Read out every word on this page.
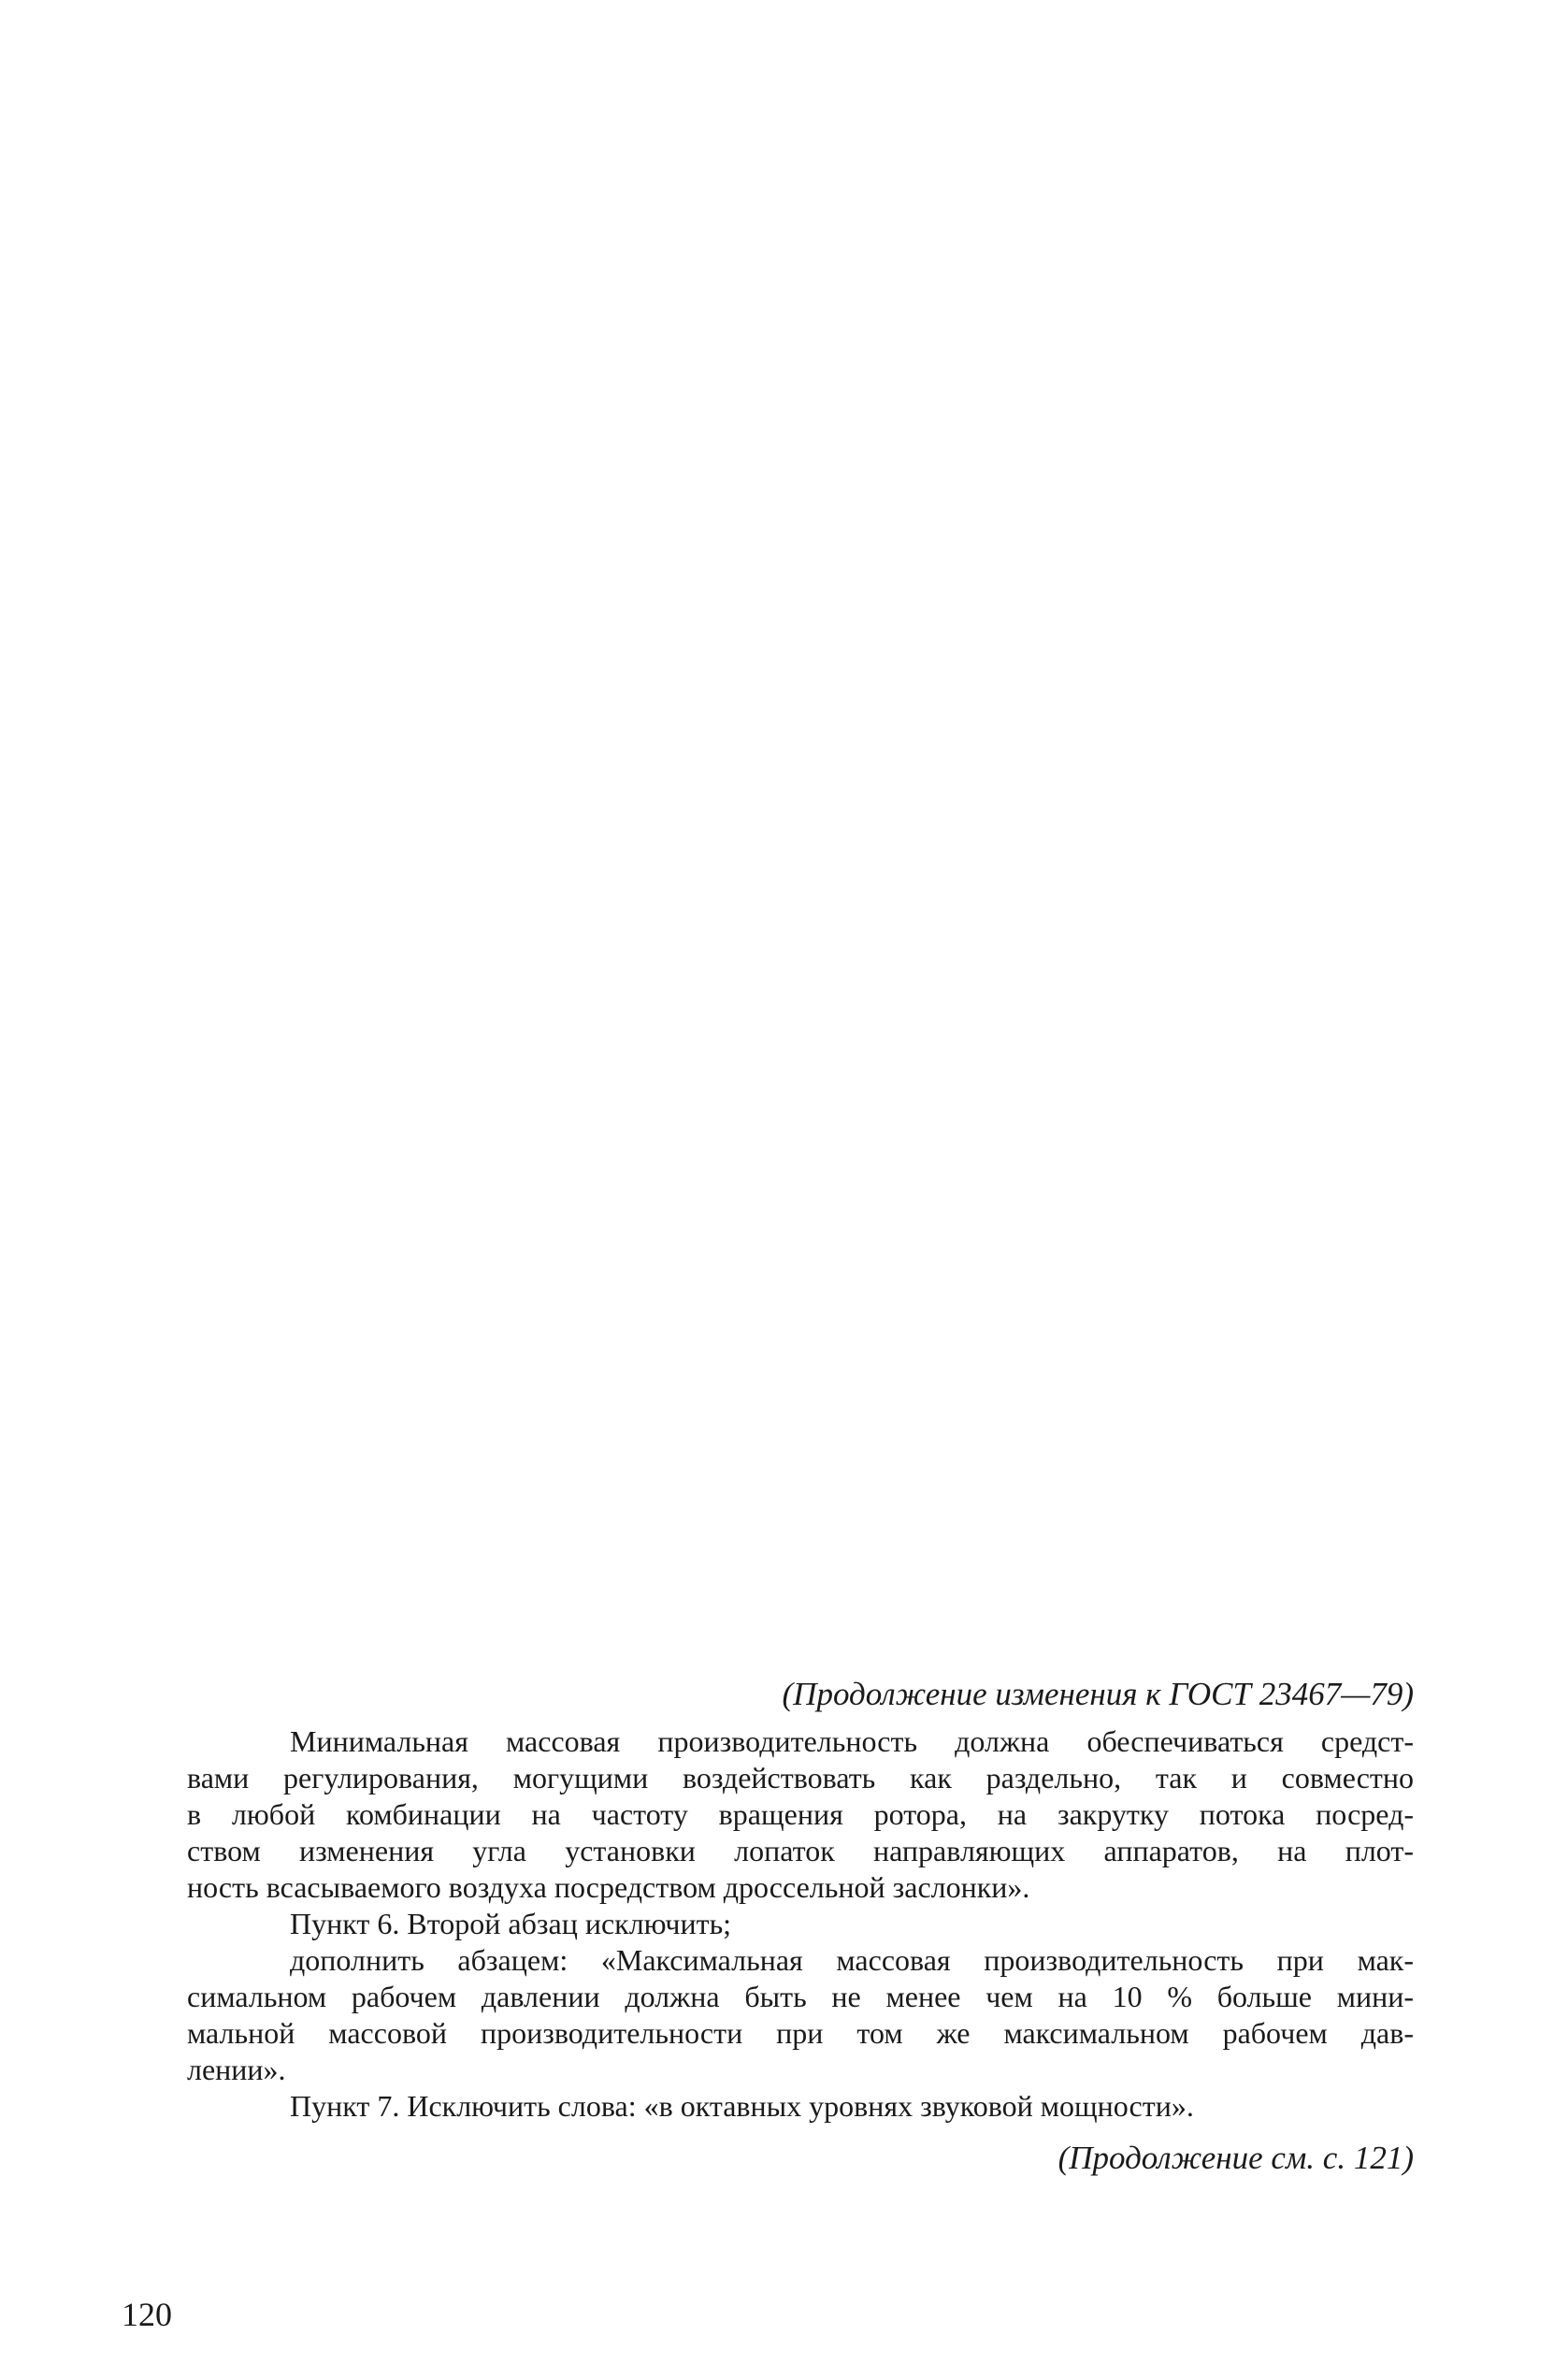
(Продолжение изменения к ГОСТ 23467—79)
Минимальная массовая производительность должна обеспечиваться средст-
вами регулирования, могущими воздействовать как раздельно, так и совместно
в любой комбинации на частоту вращения ротора, на закрутку потока посред-
ством изменения угла установки лопаток направляющих аппаратов, на плот-
ность всасываемого воздуха посредством дроссельной заслонки».
Пункт 6. Второй абзац исключить;
дополнить абзацем: «Максимальная массовая производительность при мак-
симальном рабочем давлении должна быть не менее чем на 10 % больше мини-
мальной массовой производительности при том же максимальном рабочем дав-
лении».
Пункт 7. Исключить слова: «в октавных уровнях звуковой мощности».
(Продолжение см. с. 121)
120
